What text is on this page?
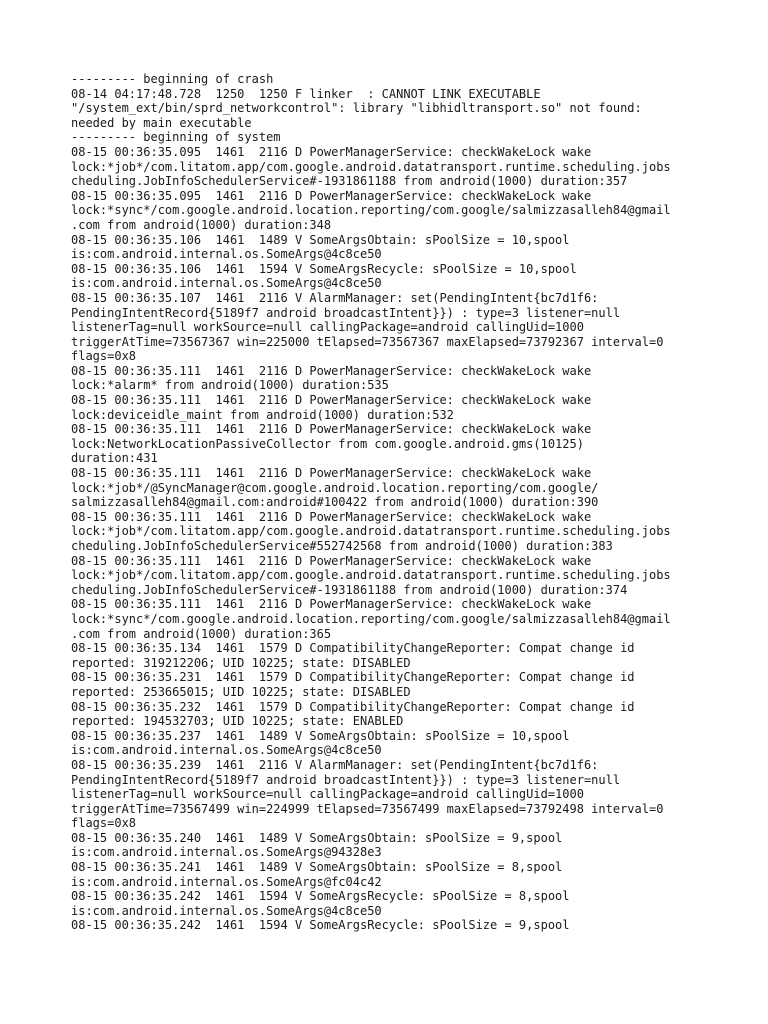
--------- beginning of crash
08-14 04:17:48.728  1250  1250 F linker  : CANNOT LINK EXECUTABLE
"/system_ext/bin/sprd_networkcontrol": library "libhidltransport.so" not found:
needed by main executable
--------- beginning of system
08-15 00:36:35.095  1461  2116 D PowerManagerService: checkWakeLock wake
lock:*job*/com.litatom.app/com.google.android.datatransport.runtime.scheduling.jobs
cheduling.JobInfoSchedulerService#-1931861188 from android(1000) duration:357
08-15 00:36:35.095  1461  2116 D PowerManagerService: checkWakeLock wake
lock:*sync*/com.google.android.location.reporting/com.google/salmizzasalleh84@gmail
.com from android(1000) duration:348
08-15 00:36:35.106  1461  1489 V SomeArgsObtain: sPoolSize = 10,spool
is:com.android.internal.os.SomeArgs@4c8ce50
08-15 00:36:35.106  1461  1594 V SomeArgsRecycle: sPoolSize = 10,spool
is:com.android.internal.os.SomeArgs@4c8ce50
08-15 00:36:35.107  1461  2116 V AlarmManager: set(PendingIntent{bc7d1f6:
PendingIntentRecord{5189f7 android broadcastIntent}}) : type=3 listener=null
listenerTag=null workSource=null callingPackage=android callingUid=1000
triggerAtTime=73567367 win=225000 tElapsed=73567367 maxElapsed=73792367 interval=0
flags=0x8
08-15 00:36:35.111  1461  2116 D PowerManagerService: checkWakeLock wake
lock:*alarm* from android(1000) duration:535
08-15 00:36:35.111  1461  2116 D PowerManagerService: checkWakeLock wake
lock:deviceidle_maint from android(1000) duration:532
08-15 00:36:35.111  1461  2116 D PowerManagerService: checkWakeLock wake
lock:NetworkLocationPassiveCollector from com.google.android.gms(10125)
duration:431
08-15 00:36:35.111  1461  2116 D PowerManagerService: checkWakeLock wake
lock:*job*/@SyncManager@com.google.android.location.reporting/com.google/
salmizzasalleh84@gmail.com:android#100422 from android(1000) duration:390
08-15 00:36:35.111  1461  2116 D PowerManagerService: checkWakeLock wake
lock:*job*/com.litatom.app/com.google.android.datatransport.runtime.scheduling.jobs
cheduling.JobInfoSchedulerService#552742568 from android(1000) duration:383
08-15 00:36:35.111  1461  2116 D PowerManagerService: checkWakeLock wake
lock:*job*/com.litatom.app/com.google.android.datatransport.runtime.scheduling.jobs
cheduling.JobInfoSchedulerService#-1931861188 from android(1000) duration:374
08-15 00:36:35.111  1461  2116 D PowerManagerService: checkWakeLock wake
lock:*sync*/com.google.android.location.reporting/com.google/salmizzasalleh84@gmail
.com from android(1000) duration:365
08-15 00:36:35.134  1461  1579 D CompatibilityChangeReporter: Compat change id
reported: 319212206; UID 10225; state: DISABLED
08-15 00:36:35.231  1461  1579 D CompatibilityChangeReporter: Compat change id
reported: 253665015; UID 10225; state: DISABLED
08-15 00:36:35.232  1461  1579 D CompatibilityChangeReporter: Compat change id
reported: 194532703; UID 10225; state: ENABLED
08-15 00:36:35.237  1461  1489 V SomeArgsObtain: sPoolSize = 10,spool
is:com.android.internal.os.SomeArgs@4c8ce50
08-15 00:36:35.239  1461  2116 V AlarmManager: set(PendingIntent{bc7d1f6:
PendingIntentRecord{5189f7 android broadcastIntent}}) : type=3 listener=null
listenerTag=null workSource=null callingPackage=android callingUid=1000
triggerAtTime=73567499 win=224999 tElapsed=73567499 maxElapsed=73792498 interval=0
flags=0x8
08-15 00:36:35.240  1461  1489 V SomeArgsObtain: sPoolSize = 9,spool
is:com.android.internal.os.SomeArgs@94328e3
08-15 00:36:35.241  1461  1489 V SomeArgsObtain: sPoolSize = 8,spool
is:com.android.internal.os.SomeArgs@fc04c42
08-15 00:36:35.242  1461  1594 V SomeArgsRecycle: sPoolSize = 8,spool
is:com.android.internal.os.SomeArgs@4c8ce50
08-15 00:36:35.242  1461  1594 V SomeArgsRecycle: sPoolSize = 9,spool
